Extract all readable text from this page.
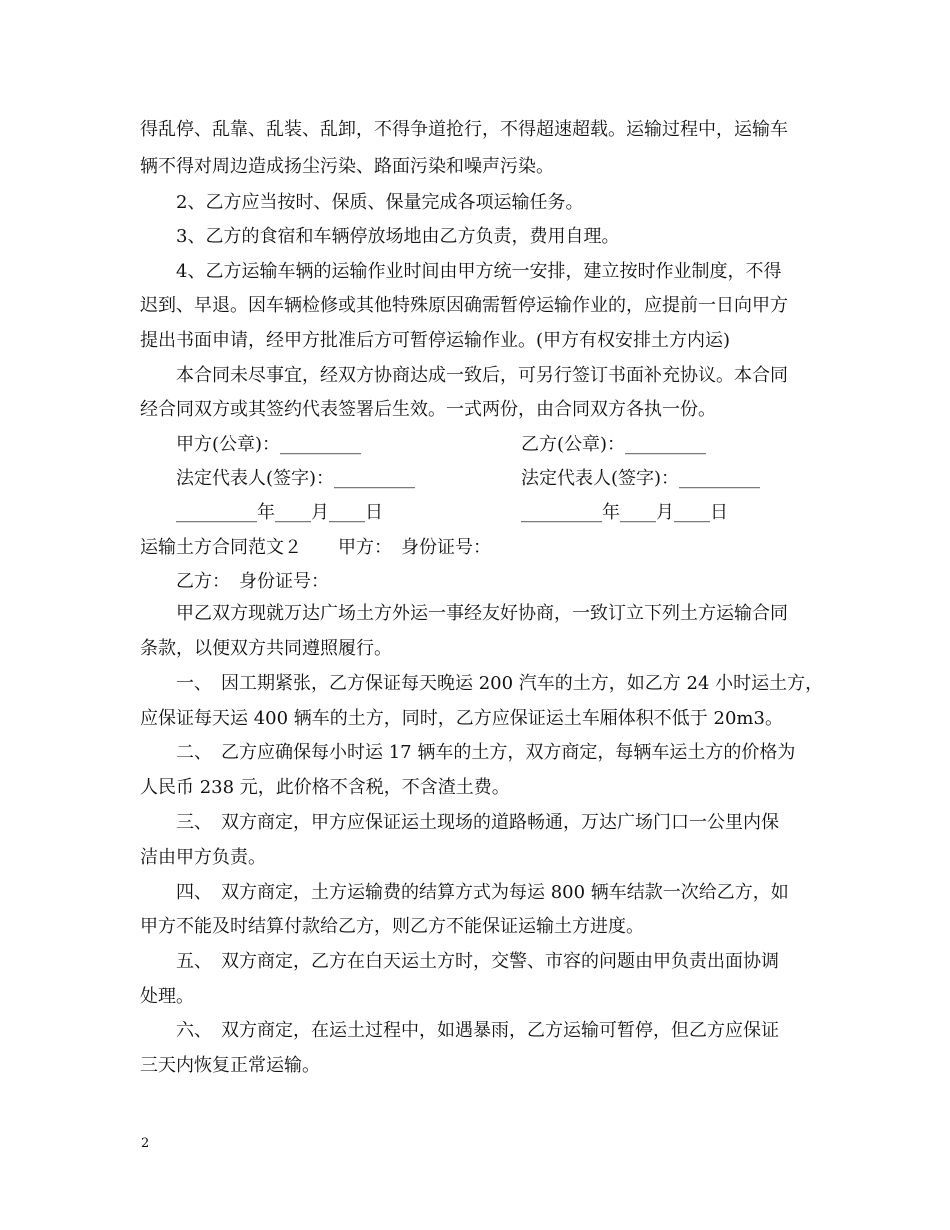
得乱停、乱靠、乱装、乱卸，不得争道抢行，不得超速超载。运输过程中，运输车
辆不得对周边造成扬尘污染、路面污染和噪声污染。
2、乙方应当按时、保质、保量完成各项运输任务。
3、乙方的食宿和车辆停放场地由乙方负责，费用自理。
4、乙方运输车辆的运输作业时间由甲方统一安排，建立按时作业制度，不得
迟到、早退。因车辆检修或其他特殊原因确需暂停运输作业的，应提前一日向甲方
提出书面申请，经甲方批准后方可暂停运输作业。(甲方有权安排土方内运)
本合同未尽事宜，经双方协商达成一致后，可另行签订书面补充协议。本合同
经合同双方或其签约代表签署后生效。一式两份，由合同双方各执一份。
甲方(公章)：_________	乙方(公章)：_________
法定代表人(签字)：_________	法定代表人(签字)：_________
_________年____月____日	_________年____月____日
运输土方合同范文２　　甲方：　身份证号：
乙方：　身份证号：
甲乙双方现就万达广场土方外运一事经友好协商，一致订立下列土方运输合同
条款，以便双方共同遵照履行。
一、　因工期紧张，乙方保证每天晚运 200 汽车的土方，如乙方 24 小时运土方，
应保证每天运 400 辆车的土方，同时，乙方应保证运土车厢体积不低于 20m3。
二、　乙方应确保每小时运 17 辆车的土方，双方商定，每辆车运土方的价格为
人民币 238 元，此价格不含税，不含渣土费。
三、　双方商定，甲方应保证运土现场的道路畅通，万达广场门口一公里内保
洁由甲方负责。
四、　双方商定，土方运输费的结算方式为每运 800 辆车结款一次给乙方，如
甲方不能及时结算付款给乙方，则乙方不能保证运输土方进度。
五、　双方商定，乙方在白天运土方时，交警、市容的问题由甲负责出面协调
处理。
六、　双方商定，在运土过程中，如遇暴雨，乙方运输可暂停，但乙方应保证
三天内恢复正常运输。
2
